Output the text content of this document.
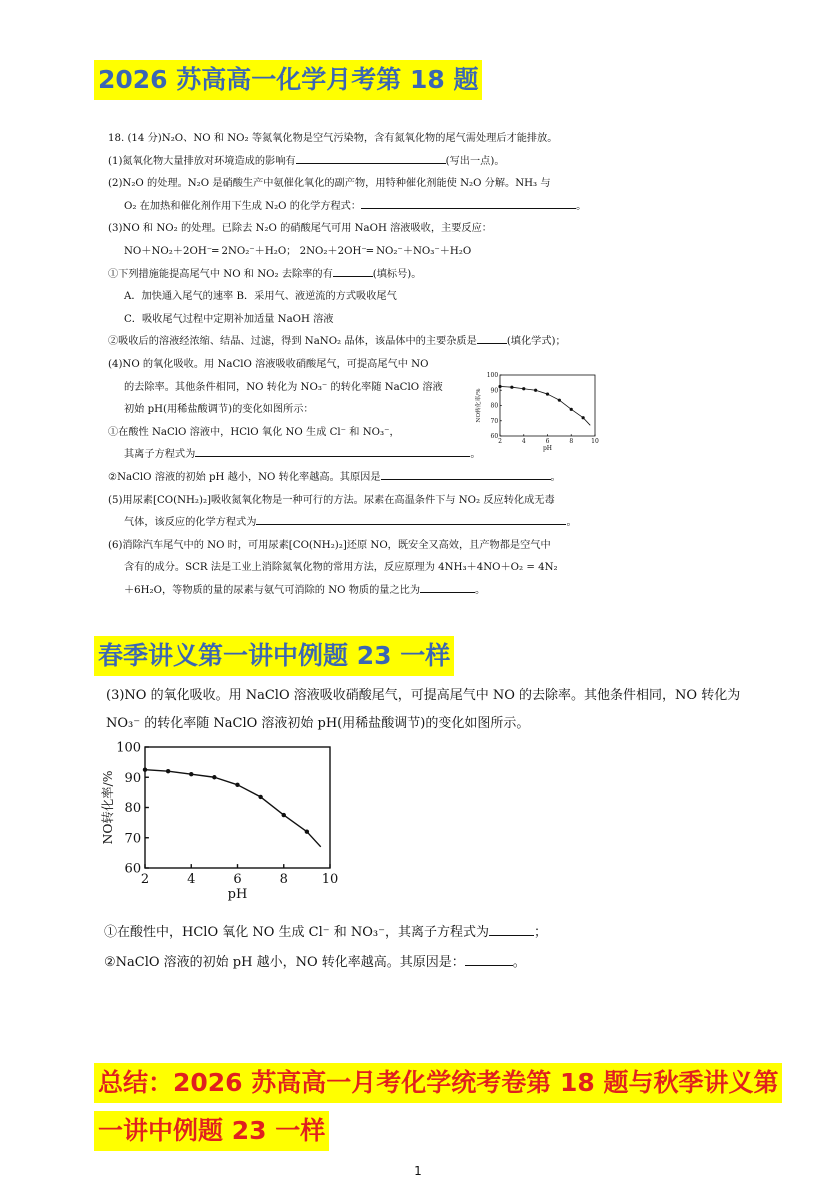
2026 苏高高一化学月考第 18 题
18. (14 分)N₂O、NO 和 NO₂ 等氮氧化物是空气污染物，含有氮氧化物的尾气需处理后才能排放。
(1)氮氧化物大量排放对环境造成的影响有	(写出一点)。
(2)N₂O 的处理。N₂O 是硝酸生产中氨催化氧化的副产物，用特种催化剂能使 N₂O 分解。NH₃ 与
O₂ 在加热和催化剂作用下生成 N₂O 的化学方程式：	。
(3)NO 和 NO₂ 的处理。已除去 N₂O 的硝酸尾气可用 NaOH 溶液吸收，主要反应：
NO＋NO₂＋2OH⁻═ 2NO₂⁻＋H₂O； 2NO₂＋2OH⁻═ NO₂⁻＋NO₃⁻＋H₂O
①下列措施能提高尾气中 NO 和 NO₂ 去除率的有	(填标号)。
A．加快通入尾气的速率 B．采用气、液逆流的方式吸收尾气
C．吸收尾气过程中定期补加适量 NaOH 溶液
②吸收后的溶液经浓缩、结晶、过滤，得到 NaNO₂ 晶体，该晶体中的主要杂质是	(填化学式)；
(4)NO 的氧化吸收。用 NaClO 溶液吸收硝酸尾气，可提高尾气中 NO
的去除率。其他条件相同，NO 转化为 NO₃⁻ 的转化率随 NaClO 溶液
初始 pH(用稀盐酸调节)的变化如图所示：
①在酸性 NaClO 溶液中，HClO 氧化 NO 生成 Cl⁻ 和 NO₃⁻，
其离子方程式为	。
②NaClO 溶液的初始 pH 越小，NO 转化率越高。其原因是	。
(5)用尿素[CO(NH₂)₂]吸收氮氧化物是一种可行的方法。尿素在高温条件下与 NO₂ 反应转化成无毒
气体，该反应的化学方程式为	。
(6)消除汽车尾气中的 NO 时，可用尿素[CO(NH₂)₂]还原 NO，既安全又高效，且产物都是空气中
含有的成分。SCR 法是工业上消除氮氧化物的常用方法，反应原理为 4NH₃＋4NO＋O₂ = 4N₂
＋6H₂O，等物质的量的尿素与氨气可消除的 NO 物质的量之比为	。
2	4	6	8	10
60
70
80
90
100
pH
NO转化率/%
春季讲义第一讲中例题 23 一样
(3)NO 的氧化吸收。用 NaClO 溶液吸收硝酸尾气，可提高尾气中 NO 的去除率。其他条件相同，NO 转化为
NO₃⁻ 的转化率随 NaClO 溶液初始 pH(用稀盐酸调节)的变化如图所示。
2	4	6	8	10
60
70
80
90
100
pH
NO转化率/%
①在酸性中，HClO 氧化 NO 生成 Cl⁻ 和 NO₃⁻，其离子方程式为	；
②NaClO 溶液的初始 pH 越小，NO 转化率越高。其原因是：	。
总结：2026 苏高高一月考化学统考卷第 18 题与秋季讲义第
一讲中例题 23 一样
1
